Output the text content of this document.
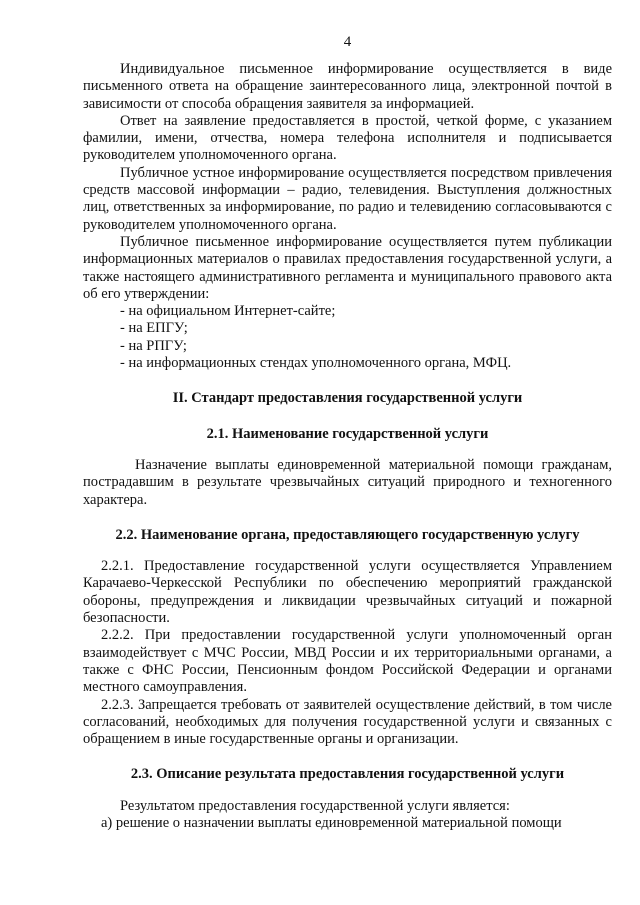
4

Индивидуальное письменное информирование осуществляется в виде письменного ответа на обращение заинтересованного лица, электронной почтой в зависимости от способа обращения заявителя за информацией.

Ответ на заявление предоставляется в простой, четкой форме, с указанием фамилии, имени, отчества, номера телефона исполнителя и подписывается руководителем уполномоченного органа.

Публичное устное информирование осуществляется посредством привлечения средств массовой информации – радио, телевидения. Выступления должностных лиц, ответственных за информирование, по радио и телевидению согласовываются с руководителем уполномоченного органа.

Публичное письменное информирование осуществляется путем публикации информационных материалов о правилах предоставления государственной услуги, а также настоящего административного регламента и муниципального правового акта об его утверждении:

- на официальном Интернет-сайте;

- на ЕПГУ;

- на РПГУ;

- на информационных стендах уполномоченного органа, МФЦ.

II. Стандарт предоставления государственной услуги
2.1. Наименование государственной услуги

Назначение выплаты единовременной материальной помощи гражданам, пострадавшим в результате чрезвычайных ситуаций природного и техногенного характера.

2.2. Наименование органа, предоставляющего государственную услугу

2.2.1. Предоставление государственной услуги осуществляется Управлением Карачаево-Черкесской Республики по обеспечению мероприятий гражданской обороны, предупреждения и ликвидации чрезвычайных ситуаций и пожарной безопасности.

2.2.2. При предоставлении государственной услуги уполномоченный орган взаимодействует с МЧС России, МВД России и их территориальными органами, а также с ФНС России, Пенсионным фондом Российской Федерации и органами местного самоуправления.

2.2.3. Запрещается требовать от заявителей осуществление действий, в том числе согласований, необходимых для получения государственной услуги и связанных с обращением в иные государственные органы и организации.

2.3. Описание результата предоставления государственной услуги

Результатом предоставления государственной услуги является:

а) решение о назначении выплаты единовременной материальной помощи
